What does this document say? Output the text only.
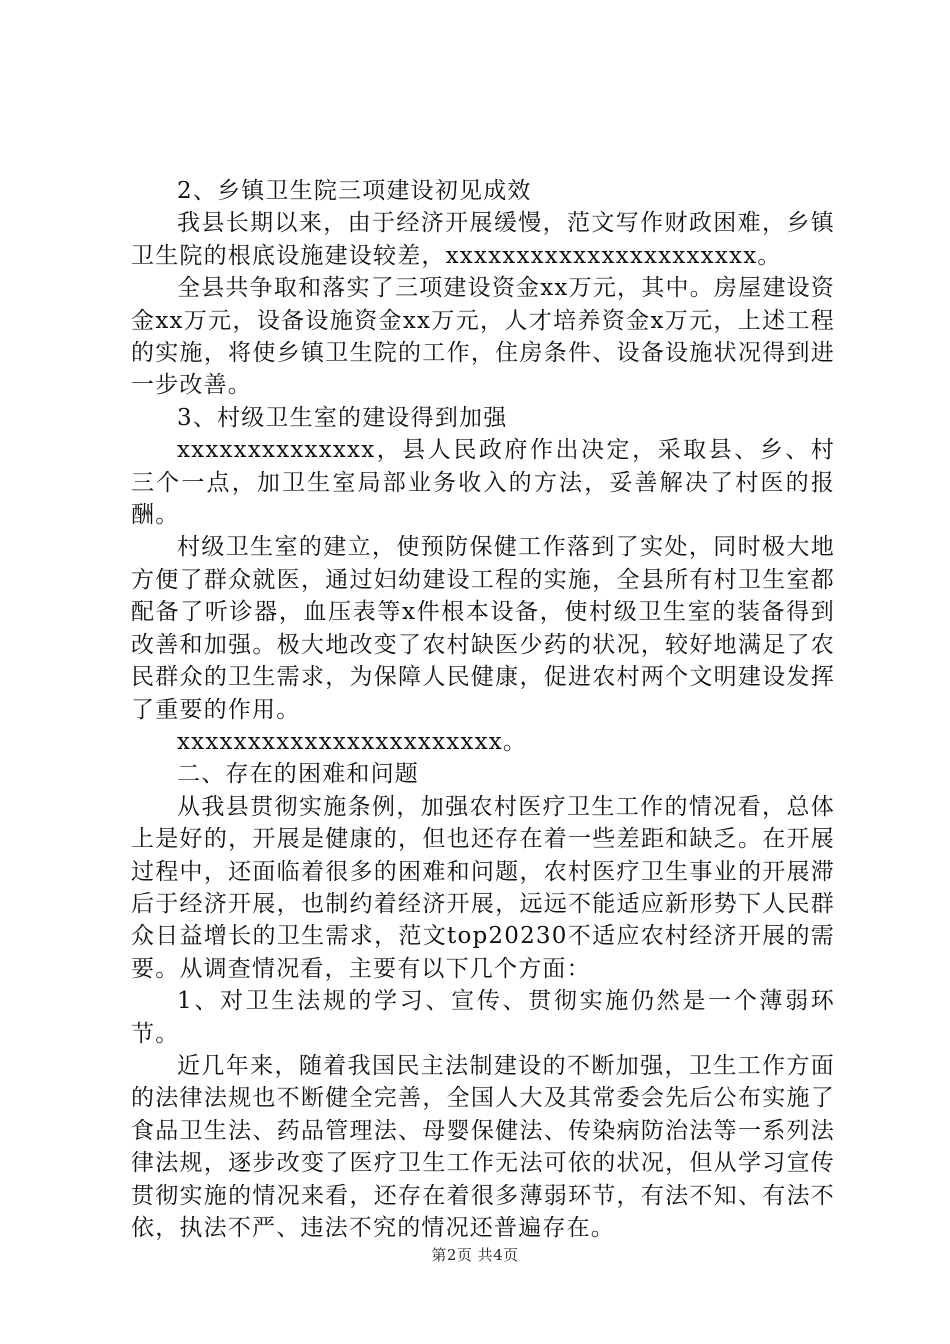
2、乡镇卫生院三项建设初见成效

我县长期以来，由于经济开展缓慢，范文写作财政困难，乡镇卫生院的根底设施建设较差，xxxxxxxxxxxxxxxxxxxxxx。

全县共争取和落实了三项建设资金xx万元，其中。房屋建设资金xx万元，设备设施资金xx万元，人才培养资金x万元，上述工程的实施，将使乡镇卫生院的工作，住房条件、设备设施状况得到进一步改善。

3、村级卫生室的建设得到加强

xxxxxxxxxxxxxx，县人民政府作出决定，采取县、乡、村三个一点，加卫生室局部业务收入的方法，妥善解决了村医的报酬。

村级卫生室的建立，使预防保健工作落到了实处，同时极大地方便了群众就医，通过妇幼建设工程的实施，全县所有村卫生室都配备了听诊器，血压表等x件根本设备，使村级卫生室的装备得到改善和加强。极大地改变了农村缺医少药的状况，较好地满足了农民群众的卫生需求，为保障人民健康，促进农村两个文明建设发挥了重要的作用。

xxxxxxxxxxxxxxxxxxxxxxx。

二、存在的困难和问题

从我县贯彻实施条例，加强农村医疗卫生工作的情况看，总体上是好的，开展是健康的，但也还存在着一些差距和缺乏。在开展过程中，还面临着很多的困难和问题，农村医疗卫生事业的开展滞后于经济开展，也制约着经济开展，远远不能适应新形势下人民群众日益增长的卫生需求，范文top20230不适应农村经济开展的需要。从调查情况看，主要有以下几个方面：

1、对卫生法规的学习、宣传、贯彻实施仍然是一个薄弱环节。

近几年来，随着我国民主法制建设的不断加强，卫生工作方面的法律法规也不断健全完善，全国人大及其常委会先后公布实施了食品卫生法、药品管理法、母婴保健法、传染病防治法等一系列法律法规，逐步改变了医疗卫生工作无法可依的状况，但从学习宣传贯彻实施的情况来看，还存在着很多薄弱环节，有法不知、有法不依，执法不严、违法不究的情况还普遍存在。

第2页 共4页
